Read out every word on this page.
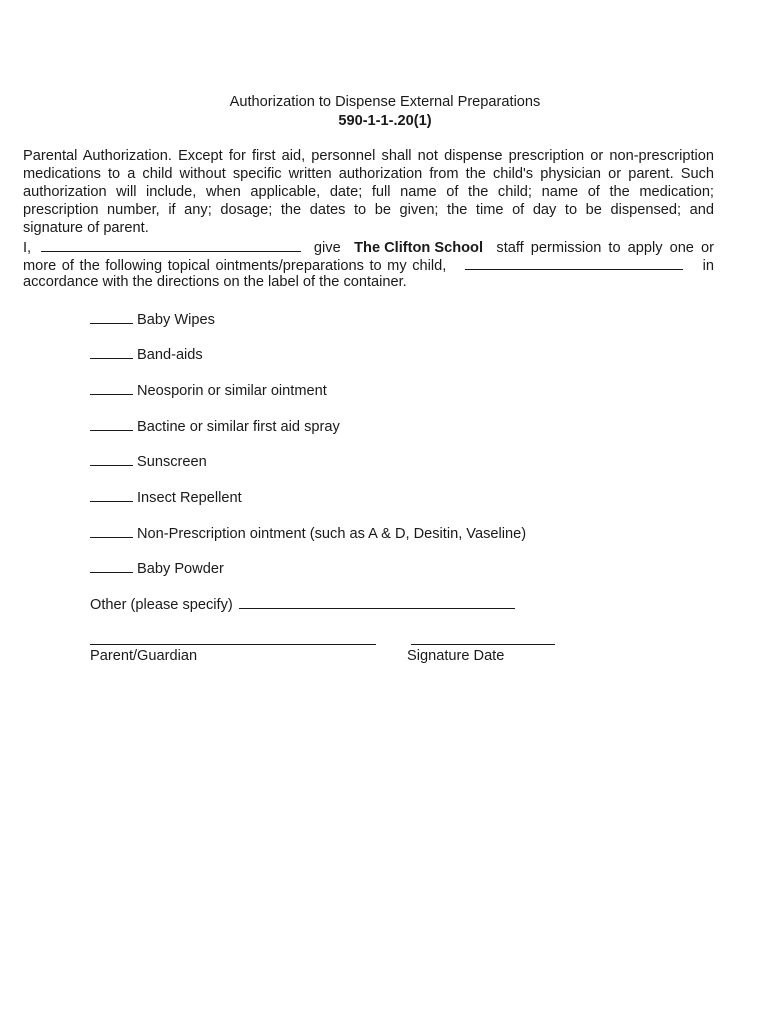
Authorization to Dispense External Preparations
590-1-1-.20(1)
Parental Authorization. Except for first aid, personnel shall not dispense prescription or non-prescription
medications to a child without specific written authorization from the child's physician or parent. Such
authorization will include, when applicable, date; full name of the child; name of the medication;
prescription number, if any; dosage; the dates to be given; the time of day to be dispensed; and
signature of parent.
I,	give The Clifton School staff permission to apply one or
more of the following topical ointments/preparations to my child,	in
accordance with the directions on the label of the container.
Baby Wipes
Band-aids
Neosporin or similar ointment
Bactine or similar first aid spray
Sunscreen
Insect Repellent
Non-Prescription ointment (such as A & D, Desitin, Vaseline)
Baby Powder
Other (please specify)
Parent/Guardian	Signature Date
